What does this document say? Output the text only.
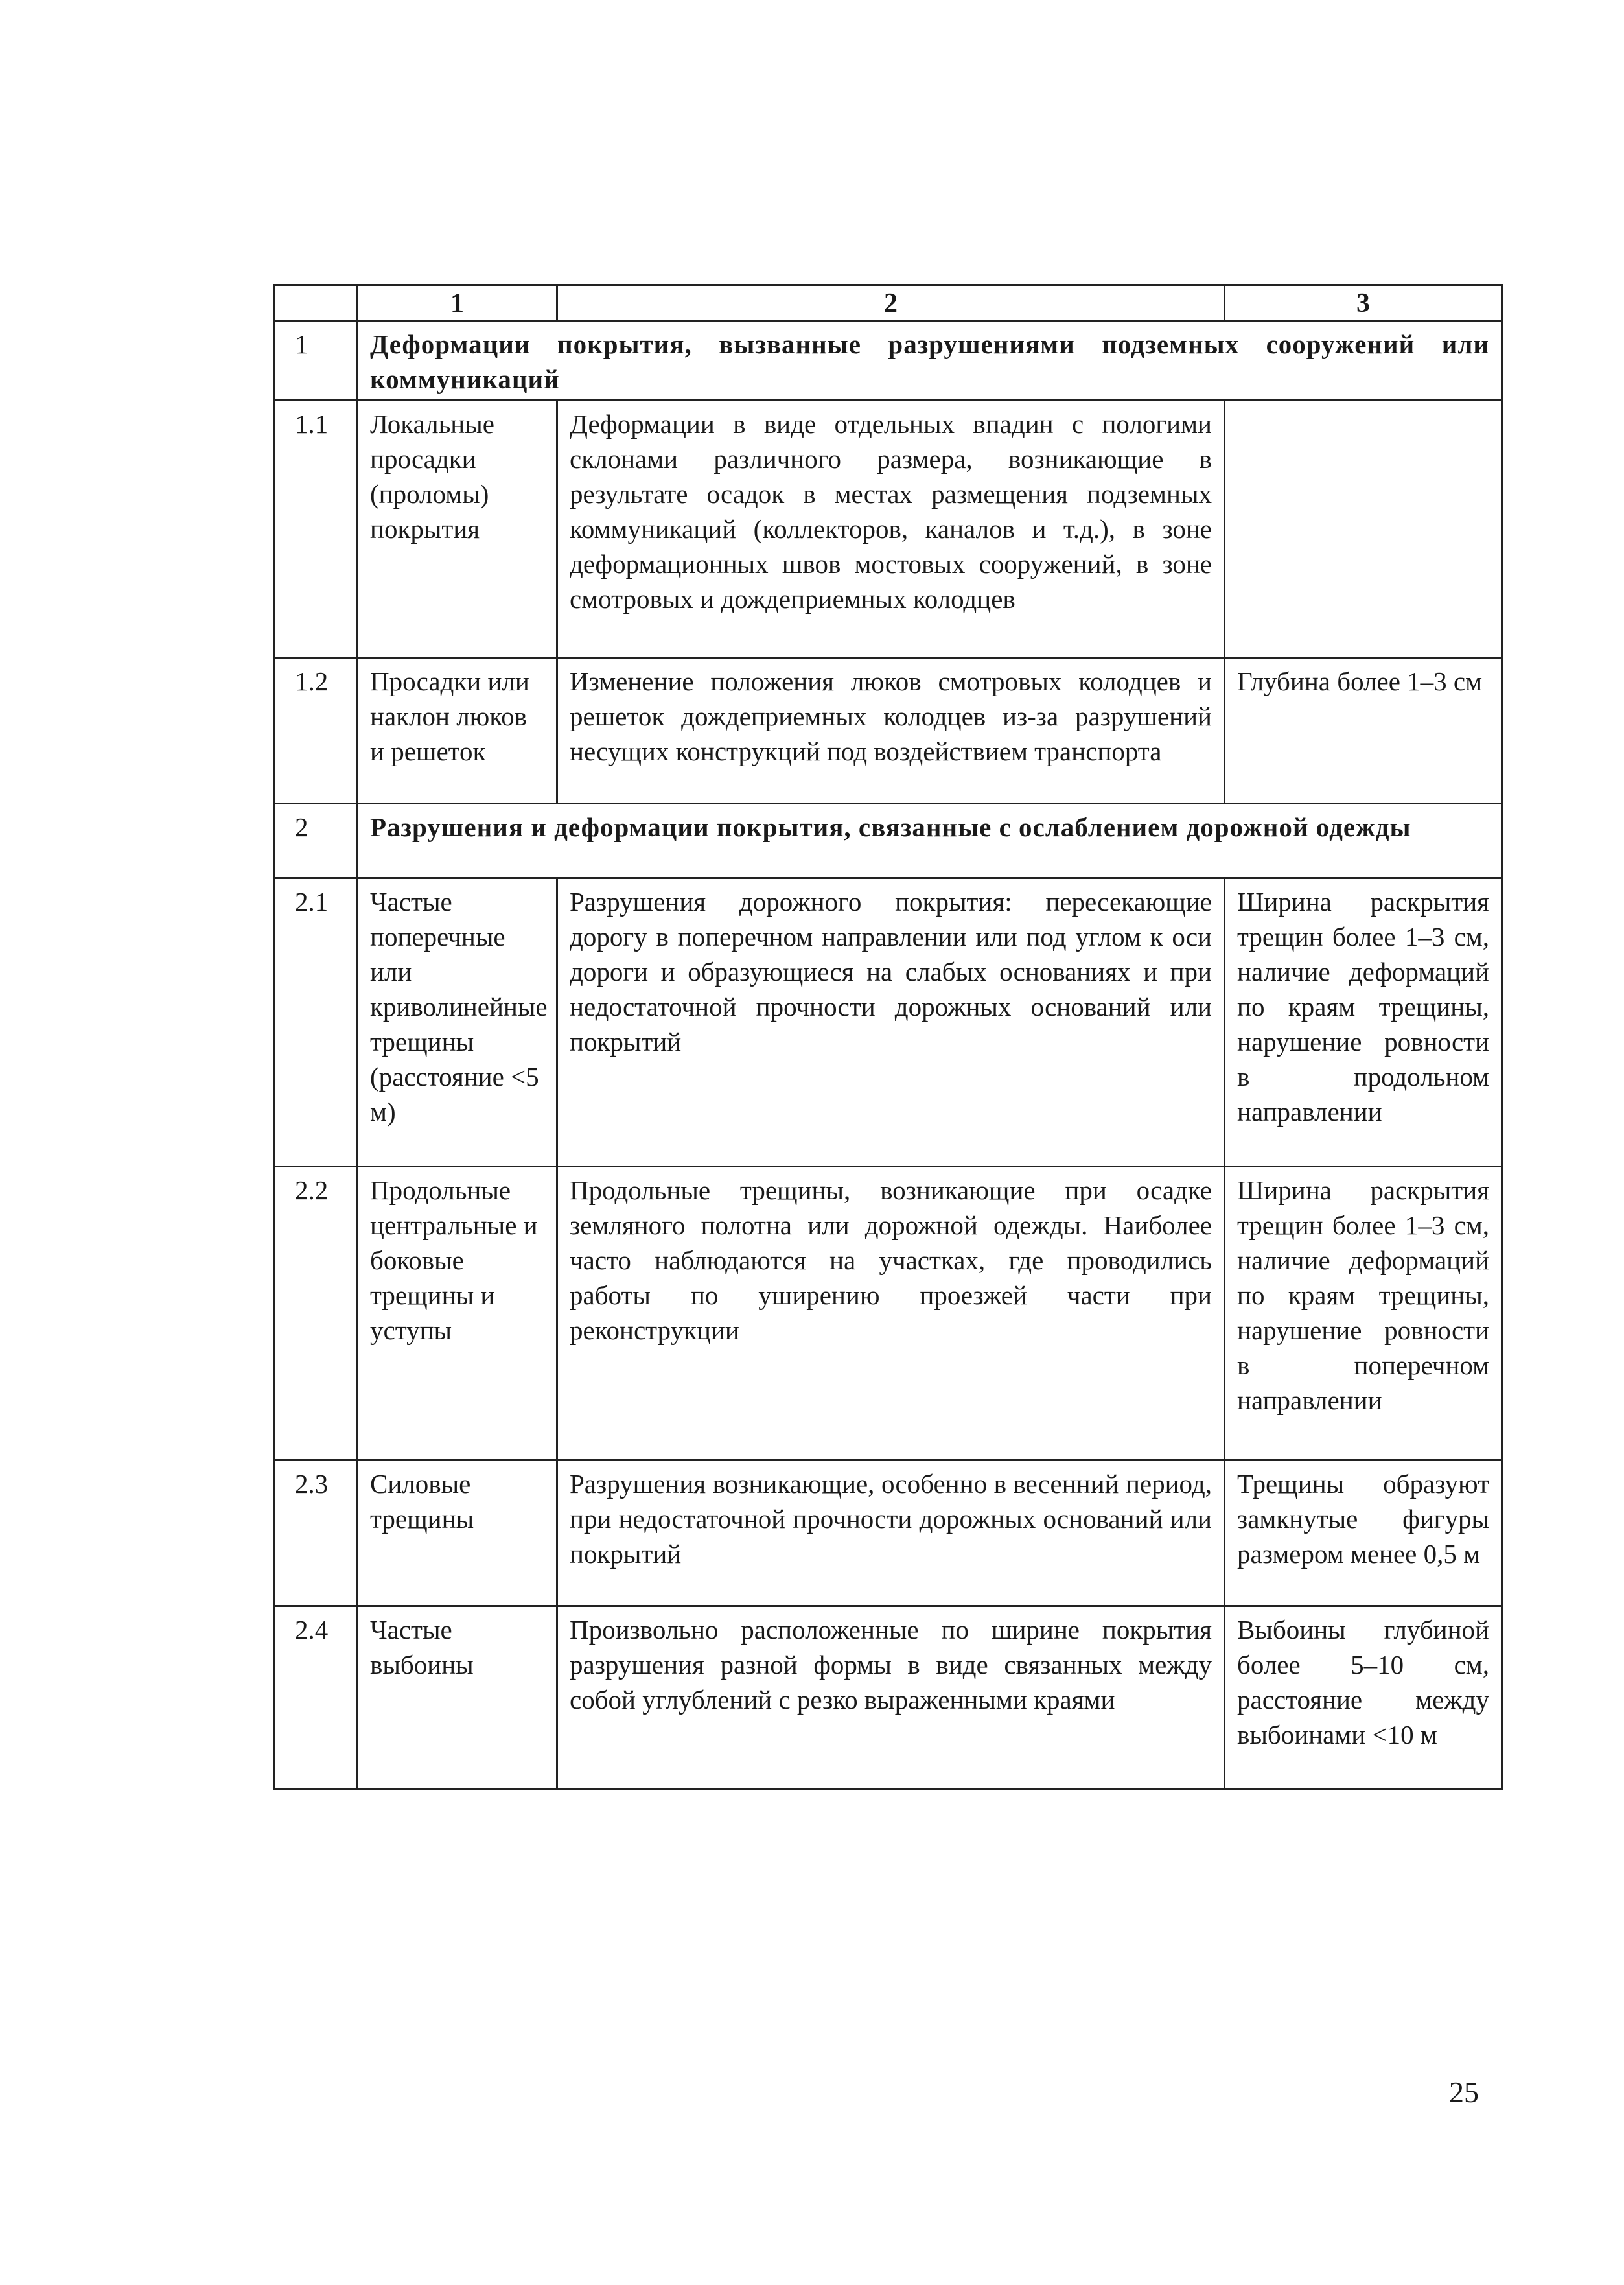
	1	2	3
1	Деформации покрытия, вызванные разрушениями подземных сооружений или коммуникаций		
1.1	Локальные просадки (проломы) покрытия	Деформации в виде отдельных впадин с пологими склонами различного размера, возникающие в результате осадок в местах размещения подземных коммуникаций (коллекторов, каналов и т.д.), в зоне деформационных швов мостовых сооружений, в зоне смотровых и дождеприемных колодцев	
1.2	Просадки или наклон люков и решеток	Изменение положения люков смотровых колодцев и решеток дождеприемных колодцев из-за разрушений несущих конструкций под воздействием транспорта	Глубина более 1–3 см
2	Разрушения и деформации покрытия, связанные с ослаблением дорожной одежды		
2.1	Частые поперечные или криволинейные трещины (расстояние <5 м)	Разрушения дорожного покрытия: пересекающие дорогу в поперечном направлении или под углом к оси дороги и образующиеся на слабых основаниях и при недостаточной прочности дорожных оснований или покрытий	Ширина раскрытия трещин более 1–3 см, наличие деформаций по краям трещины, нарушение ровности в продольном направлении
2.2	Продольные центральные и боковые трещины и уступы	Продольные трещины, возникающие при осадке земляного полотна или дорожной одежды. Наиболее часто наблюдаются на участках, где проводились работы по уширению проезжей части при реконструкции	Ширина раскрытия трещин более 1–3 см, наличие деформаций по краям трещины, нарушение ровности в поперечном направлении
2.3	Силовые трещины	Разрушения возникающие, особенно в весенний период, при недостаточной прочности дорожных оснований или покрытий	Трещины образуют замкнутые фигуры размером менее 0,5 м
2.4	Частые выбоины	Произвольно расположенные по ширине покрытия разрушения разной формы в виде связанных между собой углублений с резко выраженными краями	Выбоины глубиной более 5–10 см, расстояние между выбоинами <10 м
25
